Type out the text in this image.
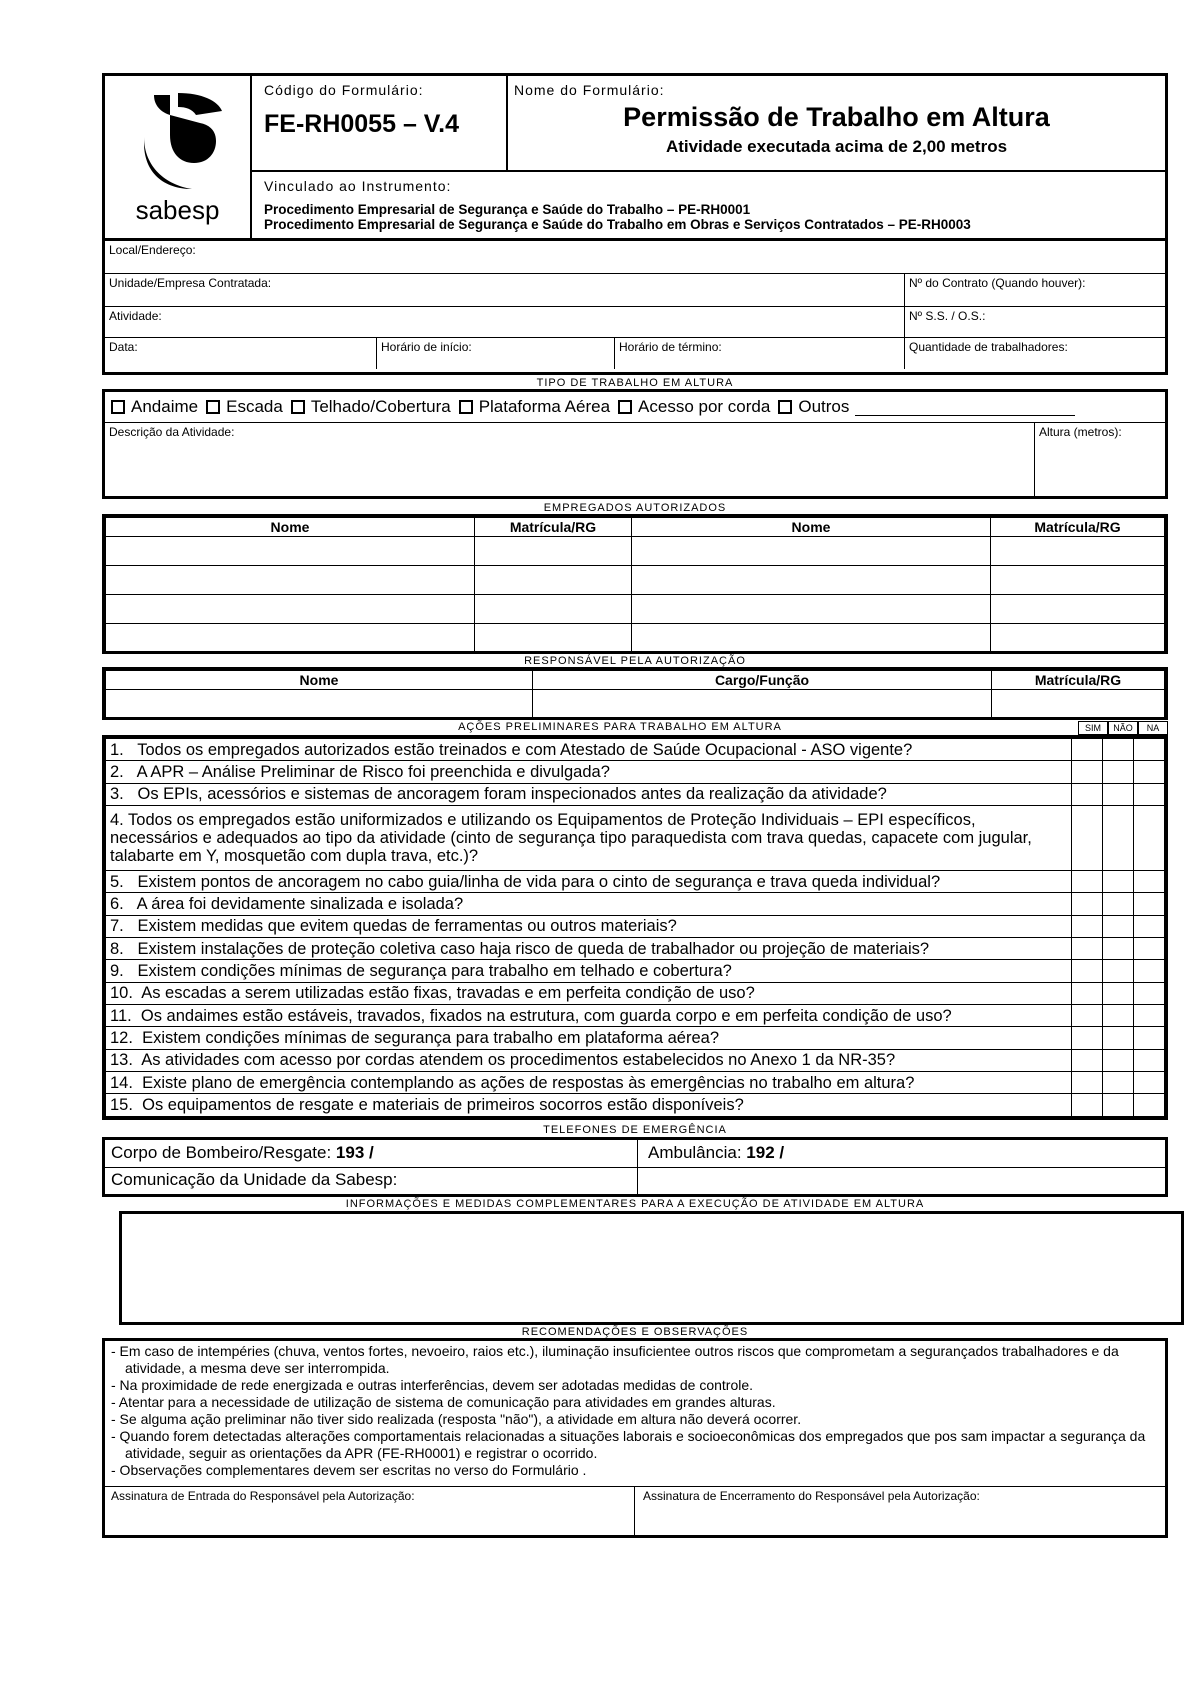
sabesp
Código do Formulário:
FE-RH0055 – V.4
Nome do Formulário:
Permissão de Trabalho em Altura
Atividade executada acima de 2,00 metros
Vinculado ao Instrumento:
Procedimento Empresarial de Segurança e Saúde do Trabalho – PE-RH0001
Procedimento Empresarial de Segurança e Saúde do Trabalho em Obras e Serviços Contratados – PE-RH0003
Local/Endereço:
Unidade/Empresa Contratada:	Nº do Contrato (Quando houver):
Atividade:	Nº S.S. / O.S.:
Data:	Horário de início:	Horário de término:	Quantidade de trabalhadores:
TIPO DE TRABALHO EM ALTURA
Andaime Escada Telhado/Cobertura Plataforma Aérea Acesso por corda Outros
Descrição da Atividade:	Altura (metros):
EMPREGADOS AUTORIZADOS
Nome	Matrícula/RG	Nome	Matrícula/RG

RESPONSÁVEL PELA AUTORIZAÇÃO
Nome	Cargo/Função	Matrícula/RG

AÇÕES PRELIMINARES PARA TRABALHO EM ALTURA	SIM	NÃO	NA
1.   Todos os empregados autorizados estão treinados e com Atestado de Saúde Ocupacional - ASO vigente?			
2.   A APR – Análise Preliminar de Risco foi preenchida e divulgada?			
3.   Os EPIs, acessórios e sistemas de ancoragem foram inspecionados antes da realização da atividade?			
4. Todos os empregados estão uniformizados e utilizando os Equipamentos de Proteção Individuais – EPI específicos, necessários e adequados ao tipo da atividade (cinto de segurança tipo paraquedista com trava quedas, capacete com jugular, talabarte em Y, mosquetão com dupla trava, etc.)?			
5.   Existem pontos de ancoragem no cabo guia/linha de vida para o cinto de segurança e trava queda individual?			
6.   A área foi devidamente sinalizada e isolada?			
7.   Existem medidas que evitem quedas de ferramentas ou outros materiais?			
8.   Existem instalações de proteção coletiva caso haja risco de queda de trabalhador ou projeção de materiais?			
9.   Existem condições mínimas de segurança para trabalho em telhado e cobertura?			
10.  As escadas a serem utilizadas estão fixas, travadas e em perfeita condição de uso?			
11.  Os andaimes estão estáveis, travados, fixados na estrutura, com guarda corpo e em perfeita condição de uso?			
12.  Existem condições mínimas de segurança para trabalho em plataforma aérea?			
13.  As atividades com acesso por cordas atendem os procedimentos estabelecidos no Anexo 1 da NR-35?			
14.  Existe plano de emergência contemplando as ações de respostas às emergências no trabalho em altura?			
15.  Os equipamentos de resgate e materiais de primeiros socorros estão disponíveis?			
TELEFONES DE EMERGÊNCIA
Corpo de Bombeiro/Resgate: 193 /	Ambulância: 192 /
Comunicação da Unidade da Sabesp:
INFORMAÇÕES E MEDIDAS COMPLEMENTARES PARA A EXECUÇÃO DE ATIVIDADE EM ALTURA
RECOMENDAÇÕES E OBSERVAÇÕES
- Em caso de intempéries (chuva, ventos fortes, nevoeiro, raios etc.), iluminação insuficientee outros riscos que comprometam a segurançados trabalhadores e da atividade, a mesma deve ser interrompida.
- Na proximidade de rede energizada e outras interferências, devem ser adotadas medidas de controle.
- Atentar para a necessidade de utilização de sistema de comunicação para atividades em grandes alturas.
- Se alguma ação preliminar não tiver sido realizada (resposta "não"), a atividade em altura não deverá ocorrer.
- Quando forem detectadas alterações comportamentais relacionadas a situações laborais e socioeconômicas dos empregados que pos sam impactar a segurança da atividade, seguir as orientações da APR (FE-RH0001) e registrar o ocorrido.
- Observações complementares devem ser escritas no verso do Formulário .
Assinatura de Entrada do Responsável pela Autorização:	Assinatura de Encerramento do Responsável pela Autorização:
